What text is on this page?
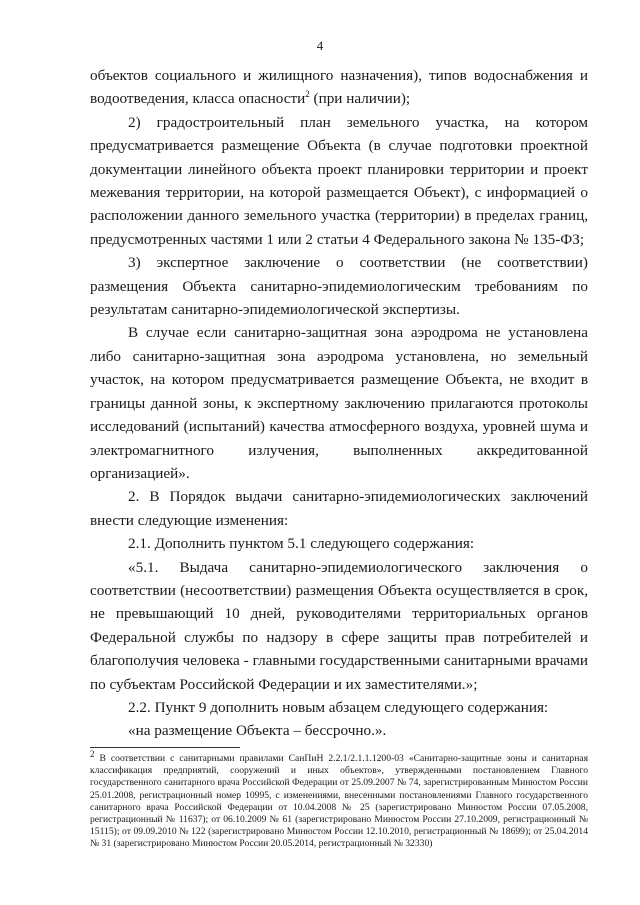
4

объектов социального и жилищного назначения), типов водоснабжения и водоотведения, класса опасности$^2$ (при наличии);

2) градостроительный план земельного участка, на котором предусматривается размещение Объекта (в случае подготовки проектной документации линейного объекта проект планировки территории и проект межевания территории, на которой размещается Объект), с информацией о расположении данного земельного участка (территории) в пределах границ, предусмотренных частями 1 или 2 статьи 4 Федерального закона № 135-ФЗ;

3) экспертное заключение о соответствии (не соответствии) размещения Объекта санитарно-эпидемиологическим требованиям по результатам санитарно-эпидемиологической экспертизы.

В случае если санитарно-защитная зона аэродрома не установлена либо санитарно-защитная зона аэродрома установлена, но земельный участок, на котором предусматривается размещение Объекта, не входит в границы данной зоны, к экспертному заключению прилагаются протоколы исследований (испытаний) качества атмосферного воздуха, уровней шума и электромагнитного излучения, выполненных аккредитованной организацией».

2. В Порядок выдачи санитарно-эпидемиологических заключений внести следующие изменения:

2.1. Дополнить пунктом 5.1 следующего содержания:

«5.1. Выдача санитарно-эпидемиологического заключения о соответствии (несоответствии) размещения Объекта осуществляется в срок, не превышающий 10 дней, руководителями территориальных органов Федеральной службы по надзору в сфере защиты прав потребителей и благополучия человека - главными государственными санитарными врачами по субъектам Российской Федерации и их заместителями.»;

2.2. Пункт 9 дополнить новым абзацем следующего содержания:

«на размещение Объекта – бессрочно.».

$^2$ В соответствии с санитарными правилами СанПиН 2.2.1/2.1.1.1200-03 «Санитарно-защитные зоны и санитарная классификация предприятий, сооружений и иных объектов», утвержденными постановлением Главного государственного санитарного врача Российской Федерации от 25.09.2007 № 74, зарегистрированным Минюстом России 25.01.2008, регистрационный номер 10995, с изменениями, внесенными постановлениями Главного государственного санитарного врача Российской Федерации от 10.04.2008 № 25 (зарегистрировано Минюстом России 07.05.2008, регистрационный № 11637); от 06.10.2009 № 61 (зарегистрировано Минюстом России 27.10.2009, регистрационный № 15115); от 09.09.2010 № 122 (зарегистрировано Минюстом России 12.10.2010, регистрационный № 18699); от 25.04.2014 № 31 (зарегистрировано Минюстом России 20.05.2014, регистрационный № 32330)
